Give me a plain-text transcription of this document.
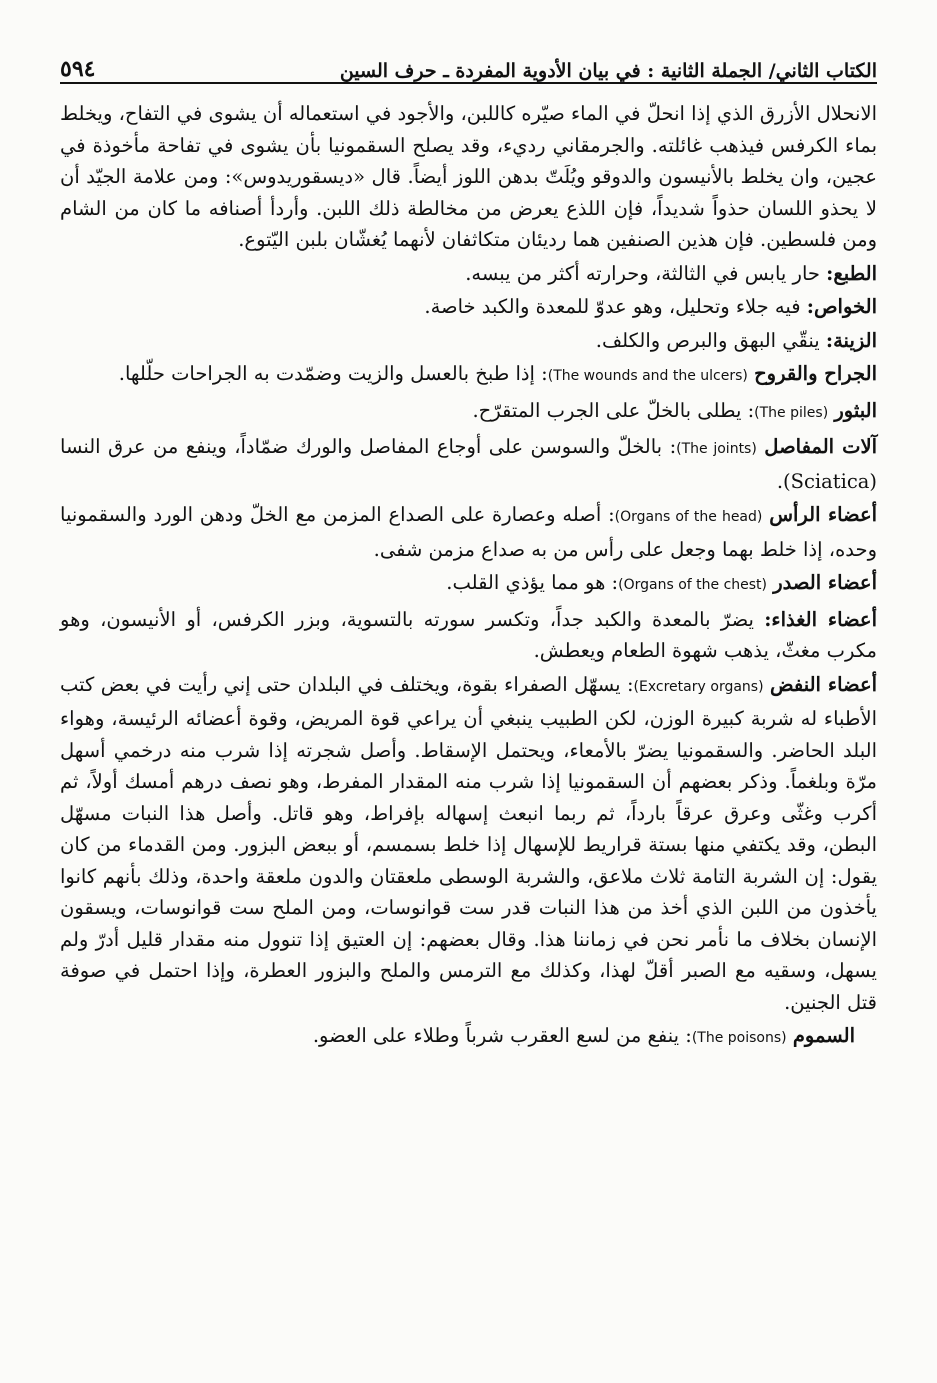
الكتاب الثاني/ الجملة الثانية : في بيان الأدوية المفردة ـ حرف السين
٥٩٤

الانحلال الأزرق الذي إذا انحلّ في الماء صيّره كاللبن، والأجود في استعماله أن يشوى في التفاح، ويخلط بماء الكرفس فيذهب غائلته. والجرمقاني رديء، وقد يصلح السقمونيا بأن يشوى في تفاحة مأخوذة في عجين، وان يخلط بالأنيسون والدوقو ويُلَتّ بدهن اللوز أيضاً. قال «ديسقوريدوس»: ومن علامة الجيّد أن لا يحذو اللسان حذواً شديداً، فإن اللذع يعرض من مخالطة ذلك اللبن. وأردأ أصنافه ما كان من الشام ومن فلسطين. فإن هذين الصنفين هما رديئان متكاثفان لأنهما يُغشّان بلبن اليّتوع.

الطبع: حار يابس في الثالثة، وحرارته أكثر من يبسه.

الخواص: فيه جلاء وتحليل، وهو عدوّ للمعدة والكبد خاصة.

الزينة: ينقّي البهق والبرص والكلف.

الجراح والقروح (The wounds and the ulcers): إذا طبخ بالعسل والزيت وضمّدت به الجراحات حلّلها.

البثور (The piles): يطلى بالخلّ على الجرب المتقرّح.

آلات المفاصل (The joints): بالخلّ والسوسن على أوجاع المفاصل والورك ضمّاداً، وينفع من عرق النسا (Sciatica).

أعضاء الرأس (Organs of the head): أصله وعصارة على الصداع المزمن مع الخلّ ودهن الورد والسقمونيا وحده، إذا خلط بهما وجعل على رأس من به صداع مزمن شفى.

أعضاء الصدر (Organs of the chest): هو مما يؤذي القلب.

أعضاء الغذاء: يضرّ بالمعدة والكبد جداً، وتكسر سورته بالتسوية، وبزر الكرفس، أو الأنيسون، وهو مكرب مغثّ، يذهب شهوة الطعام ويعطش.

أعضاء النفض (Excretary organs): يسهّل الصفراء بقوة، ويختلف في البلدان حتى إني رأيت في بعض كتب الأطباء له شربة كبيرة الوزن، لكن الطبيب ينبغي أن يراعي قوة المريض، وقوة أعضائه الرئيسة، وهواء البلد الحاضر. والسقمونيا يضرّ بالأمعاء، ويحتمل الإسقاط. وأصل شجرته إذا شرب منه درخمي أسهل مرّة وبلغماً. وذكر بعضهم أن السقمونيا إذا شرب منه المقدار المفرط، وهو نصف درهم أمسك أولاً، ثم أكرب وغثّى وعرق عرقاً بارداً، ثم ربما انبعث إسهاله بإفراط، وهو قاتل. وأصل هذا النبات مسهّل البطن، وقد يكتفي منها بستة قراريط للإسهال إذا خلط بسمسم، أو ببعض البزور. ومن القدماء من كان يقول: إن الشربة التامة ثلاث ملاعق، والشربة الوسطى ملعقتان والدون ملعقة واحدة، وذلك بأنهم كانوا يأخذون من اللبن الذي أخذ من هذا النبات قدر ست قوانوسات، ومن الملح ست قوانوسات، ويسقون الإنسان بخلاف ما نأمر نحن في زماننا هذا. وقال بعضهم: إن العتيق إذا تنوول منه مقدار قليل أدرّ ولم يسهل، وسقيه مع الصبر أقلّ لهذا، وكذلك مع الترمس والملح والبزور العطرة، وإذا احتمل في صوفة قتل الجنين.

السموم (The poisons): ينفع من لسع العقرب شرباً وطلاء على العضو.
